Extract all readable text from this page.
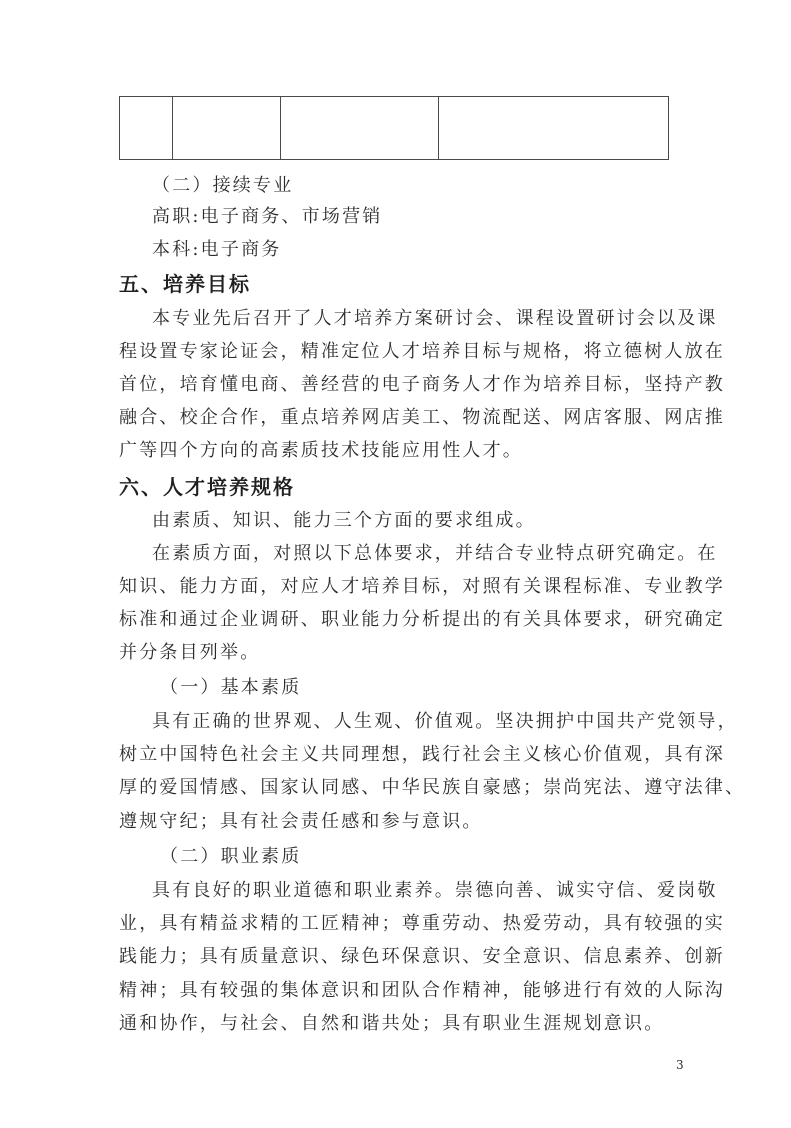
（二）接续专业
高职:电子商务、市场营销
本科:电子商务
五、培养目标
本专业先后召开了人才培养方案研讨会、课程设置研讨会以及课
程设置专家论证会，精准定位人才培养目标与规格，将立德树人放在
首位，培育懂电商、善经营的电子商务人才作为培养目标，坚持产教
融合、校企合作，重点培养网店美工、物流配送、网店客服、网店推
广等四个方向的高素质技术技能应用性人才。
六、人才培养规格
由素质、知识、能力三个方面的要求组成。
在素质方面，对照以下总体要求，并结合专业特点研究确定。在
知识、能力方面，对应人才培养目标，对照有关课程标准、专业教学
标准和通过企业调研、职业能力分析提出的有关具体要求，研究确定
并分条目列举。
（一）基本素质
具有正确的世界观、人生观、价值观。坚决拥护中国共产党领导，
树立中国特色社会主义共同理想，践行社会主义核心价值观，具有深
厚的爱国情感、国家认同感、中华民族自豪感；崇尚宪法、遵守法律、
遵规守纪；具有社会责任感和参与意识。
（二）职业素质
具有良好的职业道德和职业素养。崇德向善、诚实守信、爱岗敬
业，具有精益求精的工匠精神；尊重劳动、热爱劳动，具有较强的实
践能力；具有质量意识、绿色环保意识、安全意识、信息素养、创新
精神；具有较强的集体意识和团队合作精神，能够进行有效的人际沟
通和协作，与社会、自然和谐共处；具有职业生涯规划意识。
3
